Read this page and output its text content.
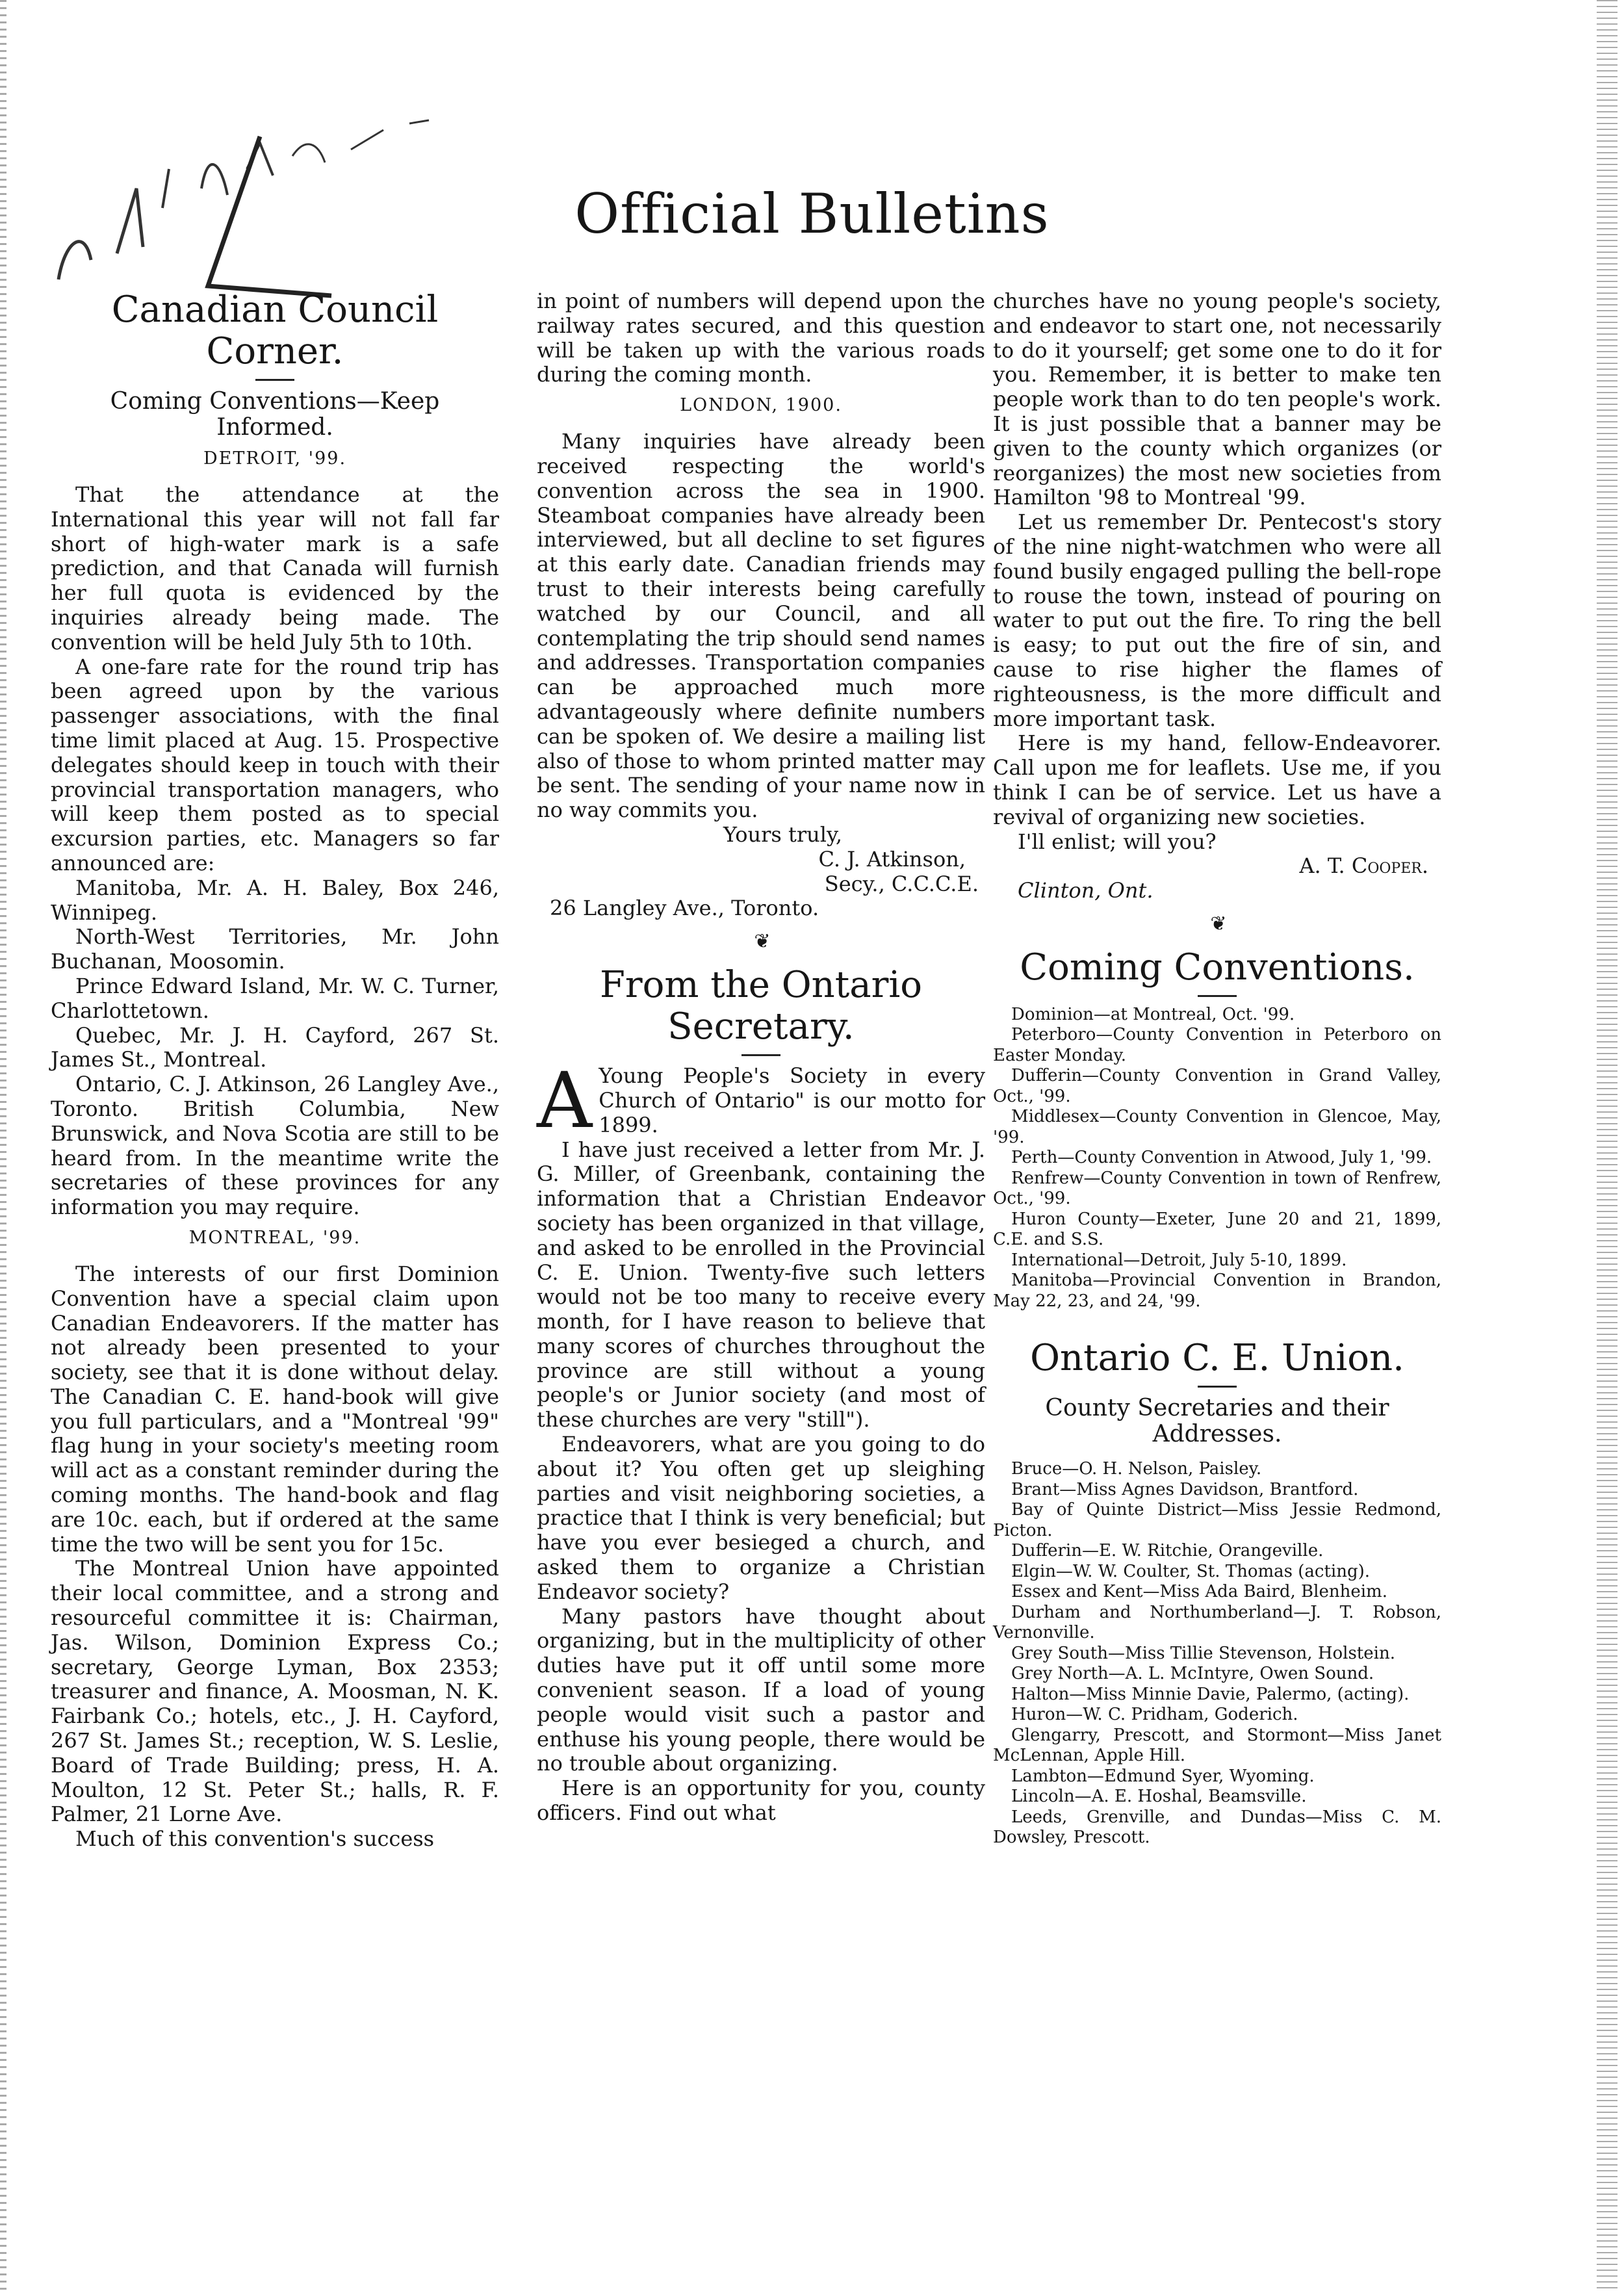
Official Bulletins
Canadian Council Corner.
Coming Conventions—Keep Informed.
DETROIT, '99.

That the attendance at the International this year will not fall far short of high-water mark is a safe prediction, and that Canada will furnish her full quota is evidenced by the inquiries already being made. The convention will be held July 5th to 10th.

A one-fare rate for the round trip has been agreed upon by the various passenger associations, with the final time limit placed at Aug. 15. Prospective delegates should keep in touch with their provincial transportation managers, who will keep them posted as to special excursion parties, etc. Managers so far announced are:

Manitoba, Mr. A. H. Baley, Box 246, Winnipeg.

North-West Territories, Mr. John Buchanan, Moosomin.

Prince Edward Island, Mr. W. C. Turner, Charlottetown.

Quebec, Mr. J. H. Cayford, 267 St. James St., Montreal.

Ontario, C. J. Atkinson, 26 Langley Ave., Toronto. British Columbia, New Brunswick, and Nova Scotia are still to be heard from. In the meantime write the secretaries of these provinces for any information you may require.

MONTREAL, '99.

The interests of our first Dominion Convention have a special claim upon Canadian Endeavorers. If the matter has not already been presented to your society, see that it is done without delay. The Canadian C. E. hand-book will give you full particulars, and a "Montreal '99" flag hung in your society's meeting room will act as a constant reminder during the coming months. The hand-book and flag are 10c. each, but if ordered at the same time the two will be sent you for 15c.

The Montreal Union have appointed their local committee, and a strong and resourceful committee it is: Chairman, Jas. Wilson, Dominion Express Co.; secretary, George Lyman, Box 2353; treasurer and finance, A. Moosman, N. K. Fairbank Co.; hotels, etc., J. H. Cayford, 267 St. James St.; reception, W. S. Leslie, Board of Trade Building; press, H. A. Moulton, 12 St. Peter St.; halls, R. F. Palmer, 21 Lorne Ave.

Much of this convention's success

in point of numbers will depend upon the railway rates secured, and this question will be taken up with the various roads during the coming month.

LONDON, 1900.

Many inquiries have already been received respecting the world's convention across the sea in 1900. Steamboat companies have already been interviewed, but all decline to set figures at this early date. Canadian friends may trust to their interests being carefully watched by our Council, and all contemplating the trip should send names and addresses. Transportation companies can be approached much more advantageously where definite numbers can be spoken of. We desire a mailing list also of those to whom printed matter may be sent. The sending of your name now in no way commits you.

Yours truly,

C. J. Atkinson,

Secy., C.C.C.E.

26 Langley Ave., Toronto.

❦
From the Ontario Secretary.

A Young People's Society in every Church of Ontario" is our motto for 1899.

I have just received a letter from Mr. J. G. Miller, of Greenbank, containing the information that a Christian Endeavor society has been organized in that village, and asked to be enrolled in the Provincial C. E. Union. Twenty-five such letters would not be too many to receive every month, for I have reason to believe that many scores of churches throughout the province are still without a young people's or Junior society (and most of these churches are very "still").

Endeavorers, what are you going to do about it? You often get up sleighing parties and visit neighboring societies, a practice that I think is very beneficial; but have you ever besieged a church, and asked them to organize a Christian Endeavor society?

Many pastors have thought about organizing, but in the multiplicity of other duties have put it off until some more convenient season. If a load of young people would visit such a pastor and enthuse his young people, there would be no trouble about organizing.

Here is an opportunity for you, county officers. Find out what

churches have no young people's society, and endeavor to start one, not necessarily to do it yourself; get some one to do it for you. Remember, it is better to make ten people work than to do ten people's work. It is just possible that a banner may be given to the county which organizes (or reorganizes) the most new societies from Hamilton '98 to Montreal '99.

Let us remember Dr. Pentecost's story of the nine night-watchmen who were all found busily engaged pulling the bell-rope to rouse the town, instead of pouring on water to put out the fire. To ring the bell is easy; to put out the fire of sin, and cause to rise higher the flames of righteousness, is the more difficult and more important task.

Here is my hand, fellow-Endeavorer. Call upon me for leaflets. Use me, if you think I can be of service. Let us have a revival of organizing new societies.

I'll enlist; will you?

A. T. Cooper.

Clinton, Ont.

❦
Coming Conventions.

Dominion—at Montreal, Oct. '99.

Peterboro—County Convention in Peterboro on Easter Monday.

Dufferin—County Convention in Grand Valley, Oct., '99.

Middlesex—County Convention in Glencoe, May, '99.

Perth—County Convention in Atwood, July 1, '99.

Renfrew—County Convention in town of Renfrew, Oct., '99.

Huron County—Exeter, June 20 and 21, 1899, C.E. and S.S.

International—Detroit, July 5-10, 1899.

Manitoba—Provincial Convention in Brandon, May 22, 23, and 24, '99.

Ontario C. E. Union.
County Secretaries and their Addresses.

Bruce—O. H. Nelson, Paisley.

Brant—Miss Agnes Davidson, Brantford.

Bay of Quinte District—Miss Jessie Redmond, Picton.

Dufferin—E. W. Ritchie, Orangeville.

Elgin—W. W. Coulter, St. Thomas (acting).

Essex and Kent—Miss Ada Baird, Blenheim.

Durham and Northumberland—J. T. Robson, Vernonville.

Grey South—Miss Tillie Stevenson, Holstein.

Grey North—A. L. McIntyre, Owen Sound.

Halton—Miss Minnie Davie, Palermo, (acting).

Huron—W. C. Pridham, Goderich.

Glengarry, Prescott, and Stormont—Miss Janet McLennan, Apple Hill.

Lambton—Edmund Syer, Wyoming.

Lincoln—A. E. Hoshal, Beamsville.

Leeds, Grenville, and Dundas—Miss C. M. Dowsley, Prescott.
